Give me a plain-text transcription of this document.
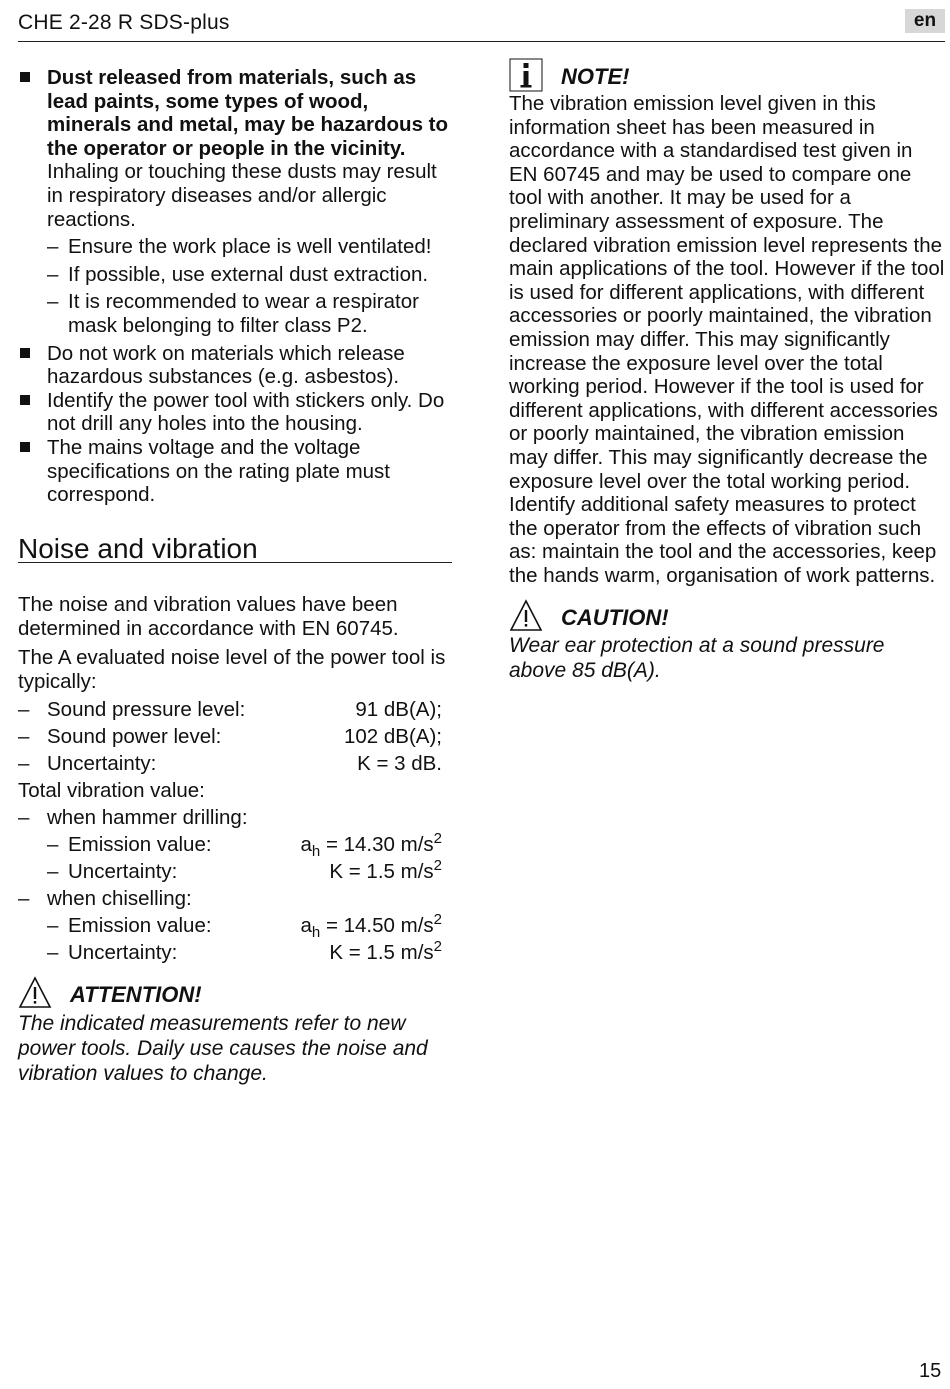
CHE 2-28 R SDS-plus	en
Dust released from materials, such as lead paints, some types of wood, minerals and metal, may be hazardous to the operator or people in the vicinity. Inhaling or touching these dusts may result in respiratory diseases and/or allergic reactions.
– Ensure the work place is well ventilated!
– If possible, use external dust extraction.
– It is recommended to wear a respirator mask belonging to filter class P2.
Do not work on materials which release hazardous substances (e.g. asbestos).
Identify the power tool with stickers only. Do not drill any holes into the housing.
The mains voltage and the voltage specifications on the rating plate must correspond.
Noise and vibration
The noise and vibration values have been determined in accordance with EN 60745.
The A evaluated noise level of the power tool is typically:
– Sound pressure level:	91 dB(A);
– Sound power level:	102 dB(A);
– Uncertainty:	K = 3 dB.
Total vibration value:
– when hammer drilling:
– Emission value:	$a_h = 14.30$ $m/s^2$
– Uncertainty:	K = 1.5 $m/s^2$
– when chiselling:
– Emission value:	$a_h = 14.50$ $m/s^2$
– Uncertainty:	K = 1.5 $m/s^2$
ATTENTION!
The indicated measurements refer to new power tools. Daily use causes the noise and vibration values to change.
NOTE!
The vibration emission level given in this information sheet has been measured in accordance with a standardised test given in EN 60745 and may be used to compare one tool with another. It may be used for a preliminary assessment of exposure. The declared vibration emission level represents the main applications of the tool. However if the tool is used for different applications, with different accessories or poorly maintained, the vibration emission may differ. This may significantly increase the exposure level over the total working period. However if the tool is used for different applications, with different accessories or poorly maintained, the vibration emission may differ. This may significantly decrease the exposure level over the total working period. Identify additional safety measures to protect the operator from the effects of vibration such as: maintain the tool and the accessories, keep the hands warm, organisation of work patterns.
CAUTION!
Wear ear protection at a sound pressure above 85 dB(A).
15
